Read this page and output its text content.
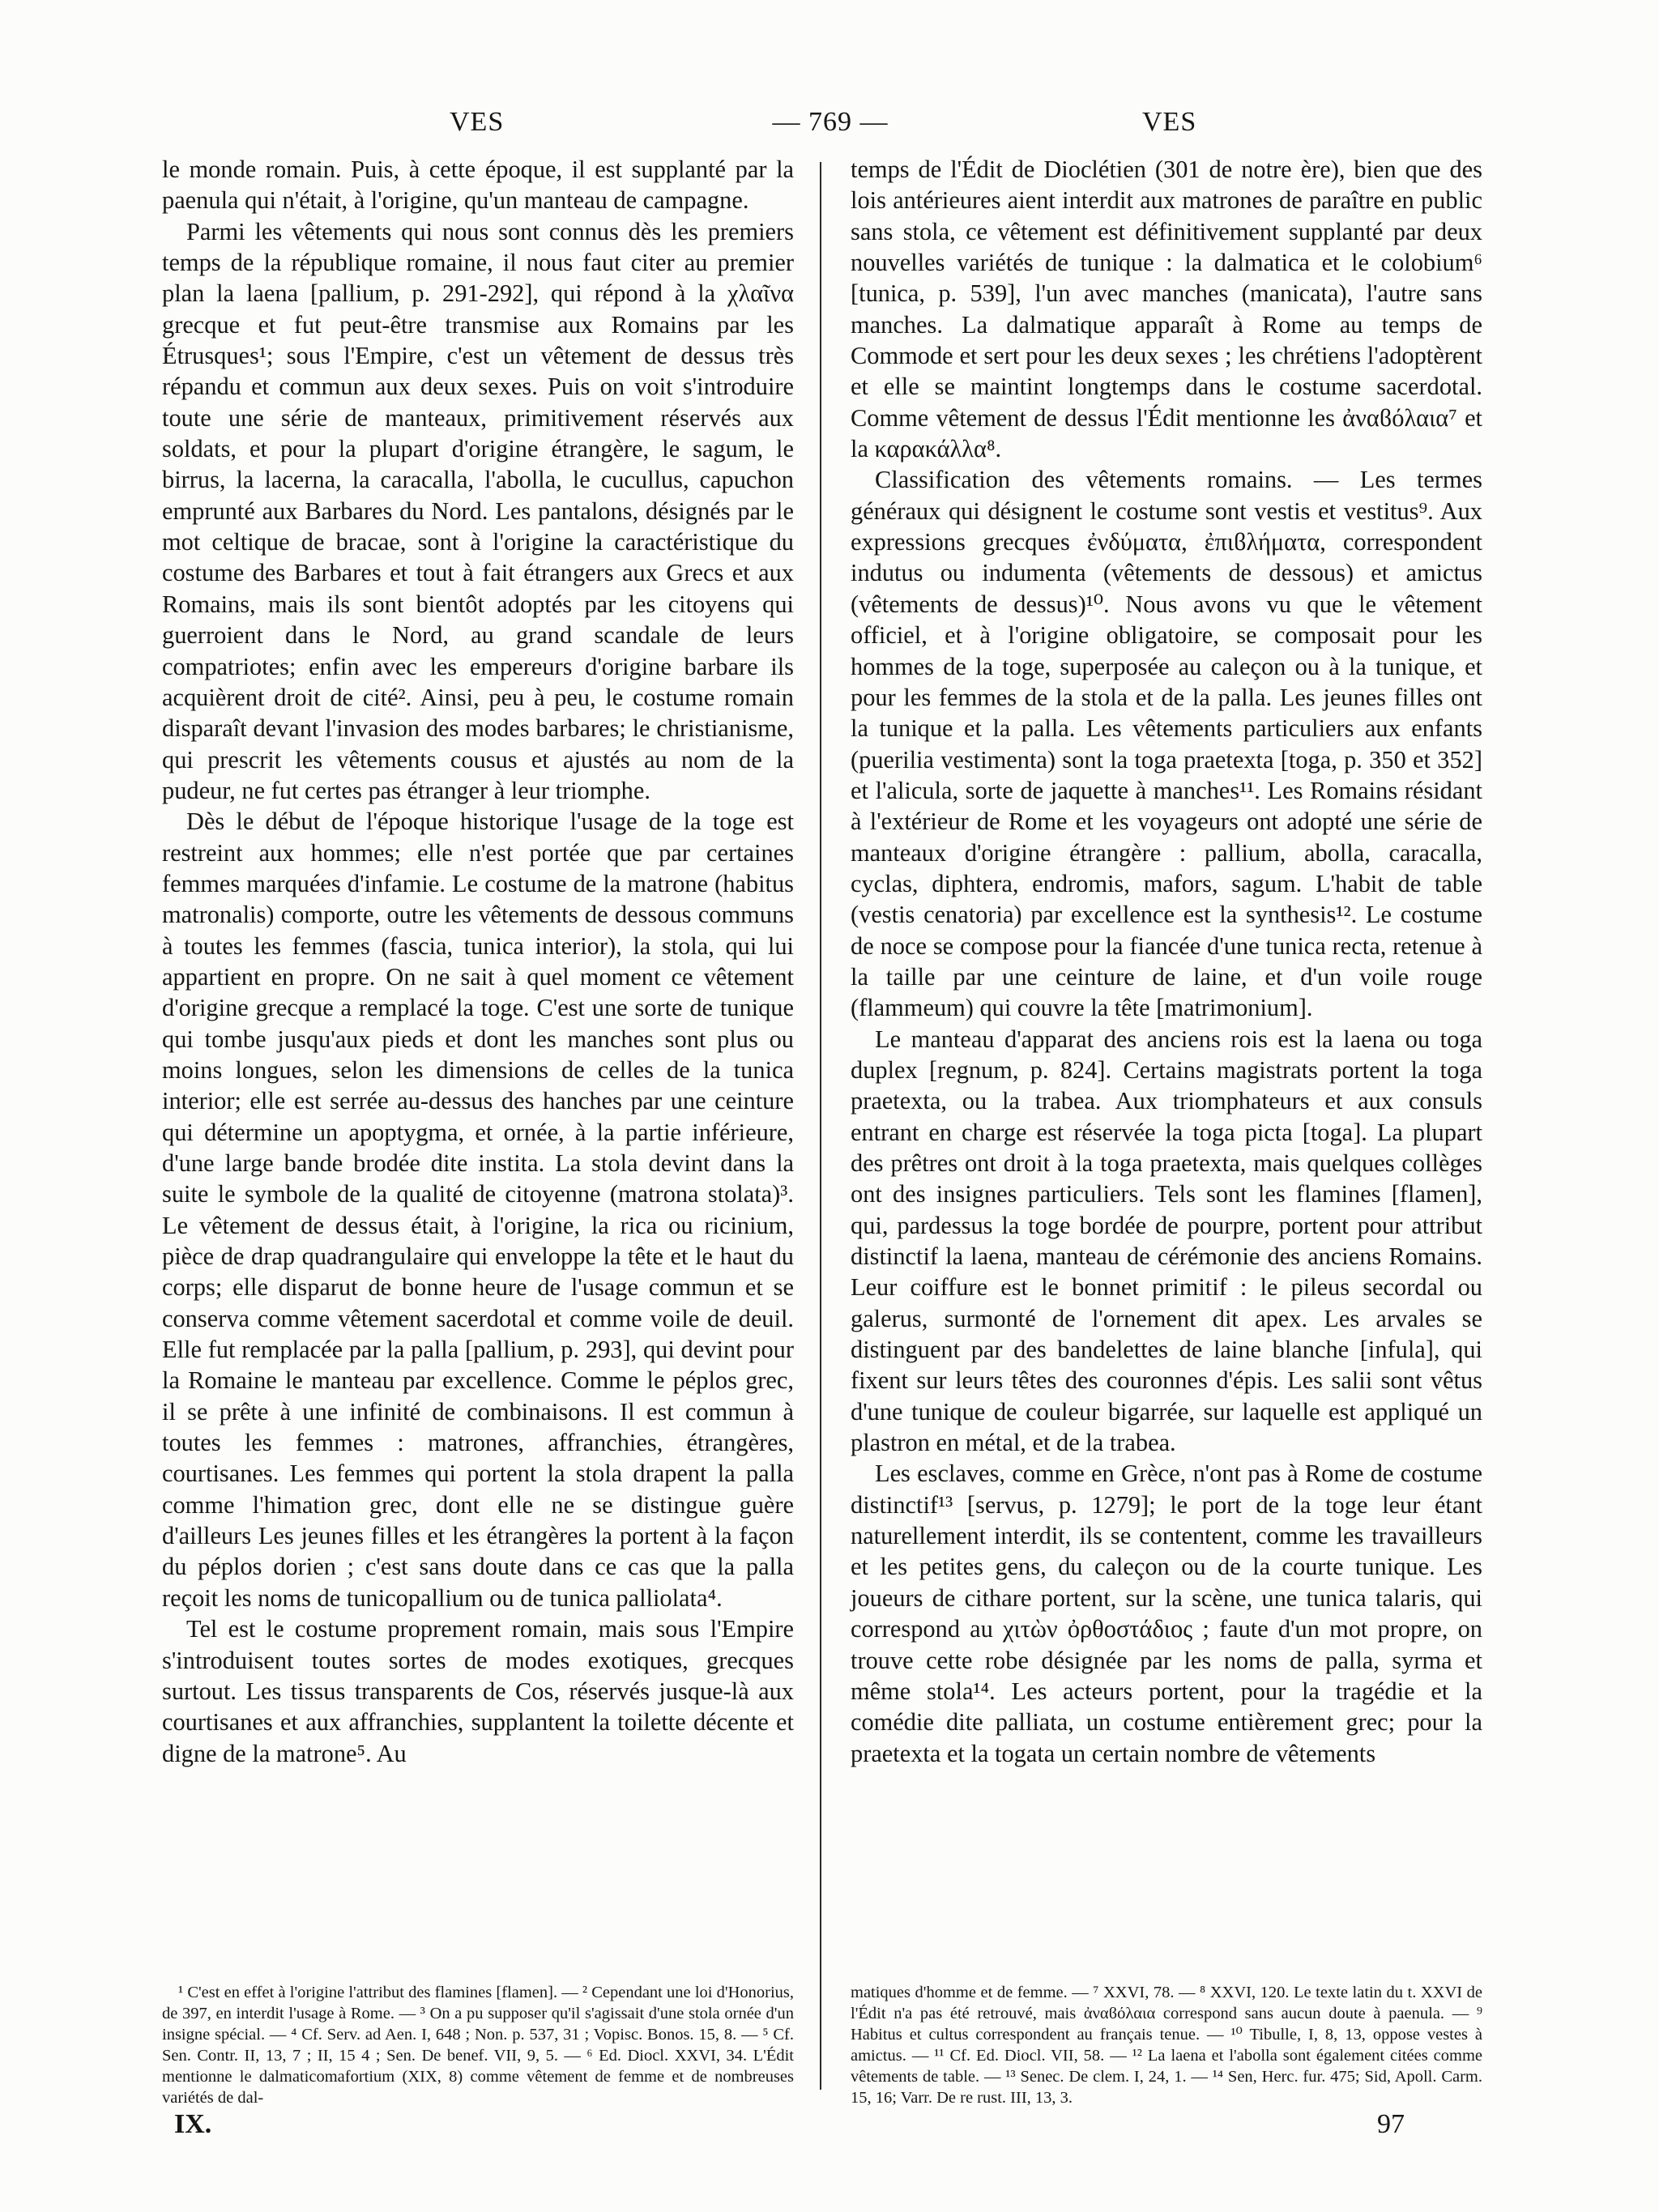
VES	— 769 —	VES

le monde romain. Puis, à cette époque, il est supplanté par la paenula qui n'était, à l'origine, qu'un manteau de campagne.

Parmi les vêtements qui nous sont connus dès les premiers temps de la république romaine, il nous faut citer au premier plan la laena [pallium, p. 291-292], qui répond à la χλαῖνα grecque et fut peut-être transmise aux Romains par les Étrusques¹; sous l'Empire, c'est un vêtement de dessus très répandu et commun aux deux sexes. Puis on voit s'introduire toute une série de manteaux, primitivement réservés aux soldats, et pour la plupart d'origine étrangère, le sagum, le birrus, la lacerna, la caracalla, l'abolla, le cucullus, capuchon emprunté aux Barbares du Nord. Les pantalons, désignés par le mot celtique de bracae, sont à l'origine la caractéristique du costume des Barbares et tout à fait étrangers aux Grecs et aux Romains, mais ils sont bientôt adoptés par les citoyens qui guerroient dans le Nord, au grand scandale de leurs compatriotes; enfin avec les empereurs d'origine barbare ils acquièrent droit de cité². Ainsi, peu à peu, le costume romain disparaît devant l'invasion des modes barbares; le christianisme, qui prescrit les vêtements cousus et ajustés au nom de la pudeur, ne fut certes pas étranger à leur triomphe.

Dès le début de l'époque historique l'usage de la toge est restreint aux hommes; elle n'est portée que par certaines femmes marquées d'infamie. Le costume de la matrone (habitus matronalis) comporte, outre les vêtements de dessous communs à toutes les femmes (fascia, tunica interior), la stola, qui lui appartient en propre. On ne sait à quel moment ce vêtement d'origine grecque a remplacé la toge. C'est une sorte de tunique qui tombe jusqu'aux pieds et dont les manches sont plus ou moins longues, selon les dimensions de celles de la tunica interior; elle est serrée au-dessus des hanches par une ceinture qui détermine un apoptygma, et ornée, à la partie inférieure, d'une large bande brodée dite instita. La stola devint dans la suite le symbole de la qualité de citoyenne (matrona stolata)³. Le vêtement de dessus était, à l'origine, la rica ou ricinium, pièce de drap quadrangulaire qui enveloppe la tête et le haut du corps; elle disparut de bonne heure de l'usage commun et se conserva comme vêtement sacerdotal et comme voile de deuil. Elle fut remplacée par la palla [pallium, p. 293], qui devint pour la Romaine le manteau par excellence. Comme le péplos grec, il se prête à une infinité de combinaisons. Il est commun à toutes les femmes : matrones, affranchies, étrangères, courtisanes. Les femmes qui portent la stola drapent la palla comme l'himation grec, dont elle ne se distingue guère d'ailleurs Les jeunes filles et les étrangères la portent à la façon du péplos dorien ; c'est sans doute dans ce cas que la palla reçoit les noms de tunicopallium ou de tunica palliolata⁴.

Tel est le costume proprement romain, mais sous l'Empire s'introduisent toutes sortes de modes exotiques, grecques surtout. Les tissus transparents de Cos, réservés jusque-là aux courtisanes et aux affranchies, supplantent la toilette décente et digne de la matrone⁵. Au

temps de l'Édit de Dioclétien (301 de notre ère), bien que des lois antérieures aient interdit aux matrones de paraître en public sans stola, ce vêtement est définitivement supplanté par deux nouvelles variétés de tunique : la dalmatica et le colobium⁶ [tunica, p. 539], l'un avec manches (manicata), l'autre sans manches. La dalmatique apparaît à Rome au temps de Commode et sert pour les deux sexes ; les chrétiens l'adoptèrent et elle se maintint longtemps dans le costume sacerdotal. Comme vêtement de dessus l'Édit mentionne les ἀναϐόλαια⁷ et la καρακάλλα⁸.

Classification des vêtements romains. — Les termes généraux qui désignent le costume sont vestis et vestitus⁹. Aux expressions grecques ἐνδύματα, ἐπιϐλήματα, correspondent indutus ou indumenta (vêtements de dessous) et amictus (vêtements de dessus)¹⁰. Nous avons vu que le vêtement officiel, et à l'origine obligatoire, se composait pour les hommes de la toge, superposée au caleçon ou à la tunique, et pour les femmes de la stola et de la palla. Les jeunes filles ont la tunique et la palla. Les vêtements particuliers aux enfants (puerilia vestimenta) sont la toga praetexta [toga, p. 350 et 352] et l'alicula, sorte de jaquette à manches¹¹. Les Romains résidant à l'extérieur de Rome et les voyageurs ont adopté une série de manteaux d'origine étrangère : pallium, abolla, caracalla, cyclas, diphtera, endromis, mafors, sagum. L'habit de table (vestis cenatoria) par excellence est la synthesis¹². Le costume de noce se compose pour la fiancée d'une tunica recta, retenue à la taille par une ceinture de laine, et d'un voile rouge (flammeum) qui couvre la tête [matrimonium].

Le manteau d'apparat des anciens rois est la laena ou toga duplex [regnum, p. 824]. Certains magistrats portent la toga praetexta, ou la trabea. Aux triomphateurs et aux consuls entrant en charge est réservée la toga picta [toga]. La plupart des prêtres ont droit à la toga praetexta, mais quelques collèges ont des insignes particuliers. Tels sont les flamines [flamen], qui, pardessus la toge bordée de pourpre, portent pour attribut distinctif la laena, manteau de cérémonie des anciens Romains. Leur coiffure est le bonnet primitif : le pileus secordal ou galerus, surmonté de l'ornement dit apex. Les arvales se distinguent par des bandelettes de laine blanche [infula], qui fixent sur leurs têtes des couronnes d'épis. Les salii sont vêtus d'une tunique de couleur bigarrée, sur laquelle est appliqué un plastron en métal, et de la trabea.

Les esclaves, comme en Grèce, n'ont pas à Rome de costume distinctif¹³ [servus, p. 1279]; le port de la toge leur étant naturellement interdit, ils se contentent, comme les travailleurs et les petites gens, du caleçon ou de la courte tunique. Les joueurs de cithare portent, sur la scène, une tunica talaris, qui correspond au χιτὼν ὀρθοστάδιος ; faute d'un mot propre, on trouve cette robe désignée par les noms de palla, syrma et même stola¹⁴. Les acteurs portent, pour la tragédie et la comédie dite palliata, un costume entièrement grec; pour la praetexta et la togata un certain nombre de vêtements

¹ C'est en effet à l'origine l'attribut des flamines [flamen]. — ² Cependant une loi d'Honorius, de 397, en interdit l'usage à Rome. — ³ On a pu supposer qu'il s'agissait d'une stola ornée d'un insigne spécial. — ⁴ Cf. Serv. ad Aen. I, 648 ; Non. p. 537, 31 ; Vopisc. Bonos. 15, 8. — ⁵ Cf. Sen. Contr. II, 13, 7 ; II, 15 4 ; Sen. De benef. VII, 9, 5. — ⁶ Ed. Diocl. XXVI, 34. L'Édit mentionne le dalmaticomafortium (XIX, 8) comme vêtement de femme et de nombreuses variétés de dal-

matiques d'homme et de femme. — ⁷ XXVI, 78. — ⁸ XXVI, 120. Le texte latin du t. XXVI de l'Édit n'a pas été retrouvé, mais ἀναϐόλαια correspond sans aucun doute à paenula. — ⁹ Habitus et cultus correspondent au français tenue. — ¹⁰ Tibulle, I, 8, 13, oppose vestes à amictus. — ¹¹ Cf. Ed. Diocl. VII, 58. — ¹² La laena et l'abolla sont également citées comme vêtements de table. — ¹³ Senec. De clem. I, 24, 1. — ¹⁴ Sen, Herc. fur. 475; Sid, Apoll. Carm. 15, 16; Varr. De re rust. III, 13, 3.

IX.	97
